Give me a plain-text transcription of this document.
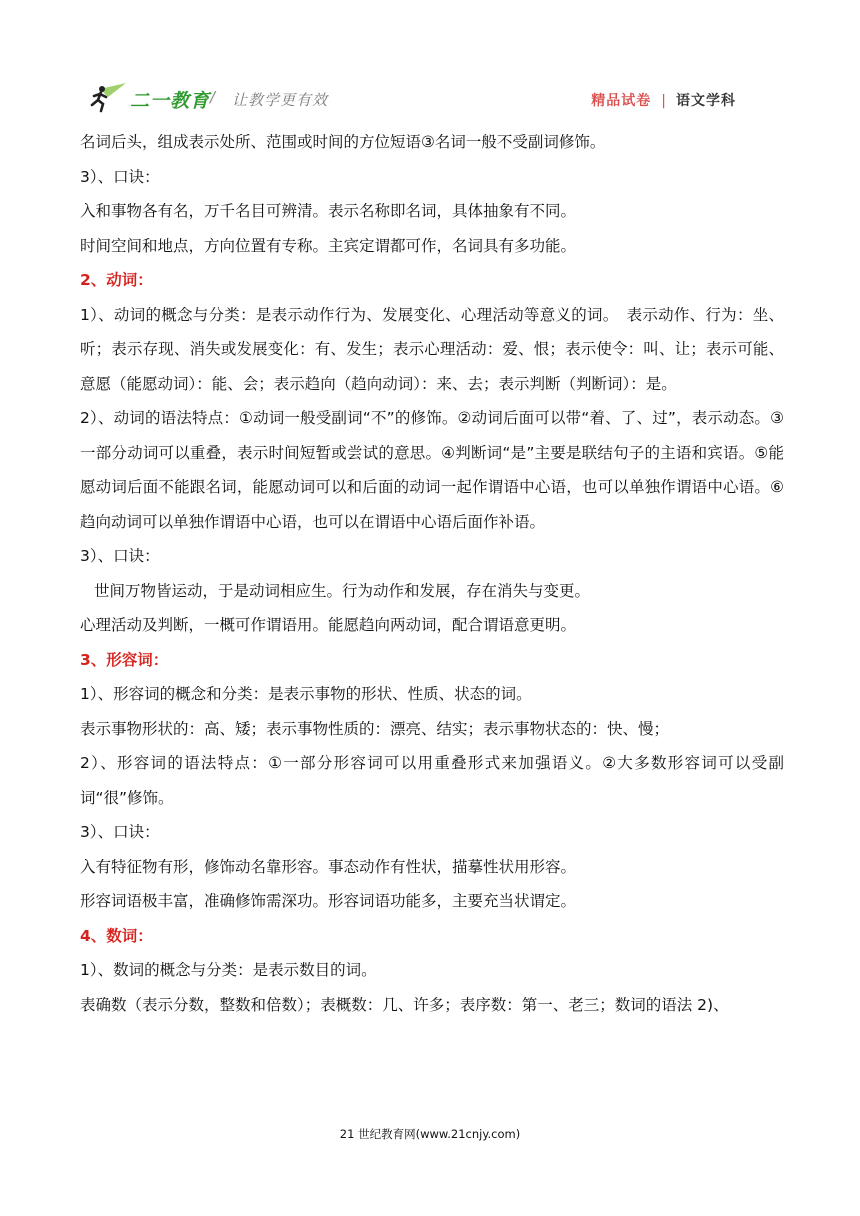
二一教育 / 让教学更有效	精品试卷 | 语文学科

名词后头，组成表示处所、范围或时间的方位短语③名词一般不受副词修饰。

3）、口诀：

入和事物各有名，万千名目可辨清。表示名称即名词，具体抽象有不同。

时间空间和地点，方向位置有专称。主宾定谓都可作，名词具有多功能。

2、动词：

1）、动词的概念与分类：是表示动作行为、发展变化、心理活动等意义的词。　表示动作、行为：坐、听；表示存现、消失或发展变化：有、发生；表示心理活动：爱、恨；表示使令：叫、让；表示可能、意愿（能愿动词）：能、会；表示趋向（趋向动词）：来、去；表示判断（判断词）：是。

2）、动词的语法特点：①动词一般受副词“不”的修饰。②动词后面可以带“着、了、过”，表示动态。③一部分动词可以重叠，表示时间短暂或尝试的意思。④判断词“是”主要是联结句子的主语和宾语。⑤能愿动词后面不能跟名词，能愿动词可以和后面的动词一起作谓语中心语，也可以单独作谓语中心语。⑥趋向动词可以单独作谓语中心语，也可以在谓语中心语后面作补语。

3）、口诀：

世间万物皆运动，于是动词相应生。行为动作和发展，存在消失与变更。

心理活动及判断，一概可作谓语用。能愿趋向两动词，配合谓语意更明。

3、形容词：

1）、形容词的概念和分类：是表示事物的形状、性质、状态的词。

表示事物形状的：高、矮；表示事物性质的：漂亮、结实；表示事物状态的：快、慢；

2）、形容词的语法特点：①一部分形容词可以用重叠形式来加强语义。②大多数形容词可以受副词“很”修饰。

3）、口诀：

入有特征物有形，修饰动名靠形容。事态动作有性状，描摹性状用形容。

形容词语极丰富，准确修饰需深功。形容词语功能多，主要充当状谓定。

4、数词：

1）、数词的概念与分类：是表示数目的词。

表确数（表示分数，整数和倍数）；表概数：几、许多；表序数：第一、老三；数词的语法 2)、

21 世纪教育网(www.21cnjy.com)
